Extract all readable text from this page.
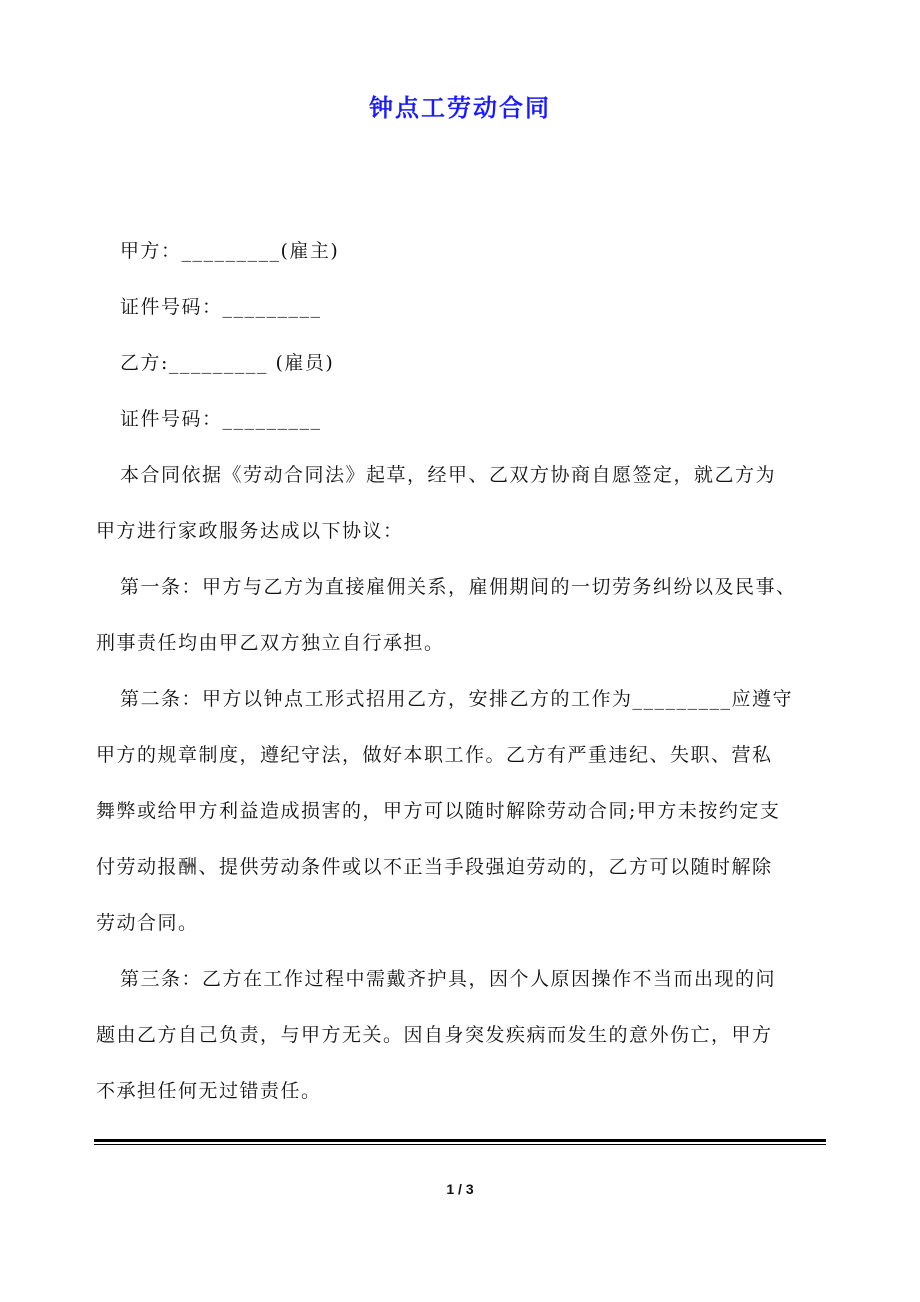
钟点工劳动合同
甲方：_________(雇主)
证件号码：_________
乙方:_________ (雇员)
证件号码：_________
本合同依据《劳动合同法》起草，经甲、乙双方协商自愿签定，就乙方为
甲方进行家政服务达成以下协议：
第一条：甲方与乙方为直接雇佣关系，雇佣期间的一切劳务纠纷以及民事、
刑事责任均由甲乙双方独立自行承担。
第二条：甲方以钟点工形式招用乙方，安排乙方的工作为_________应遵守
甲方的规章制度，遵纪守法，做好本职工作。乙方有严重违纪、失职、营私
舞弊或给甲方利益造成损害的，甲方可以随时解除劳动合同;甲方未按约定支
付劳动报酬、提供劳动条件或以不正当手段强迫劳动的，乙方可以随时解除
劳动合同。
第三条：乙方在工作过程中需戴齐护具，因个人原因操作不当而出现的问
题由乙方自己负责，与甲方无关。因自身突发疾病而发生的意外伤亡，甲方
不承担任何无过错责任。
1 / 3
